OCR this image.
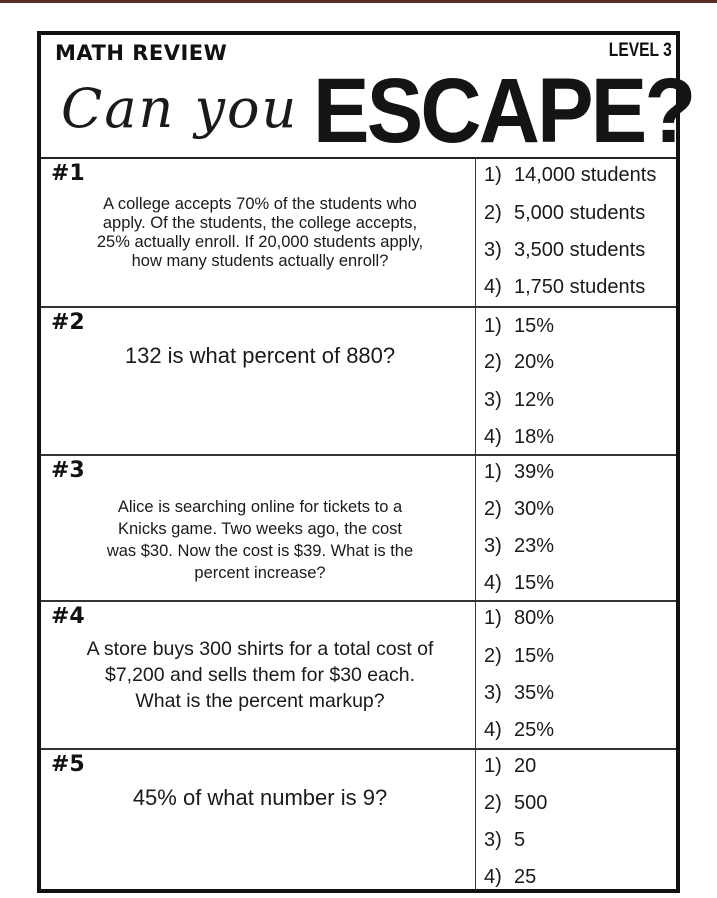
MATH REVIEW	LEVEL 3
Can you ESCAPE?
#1
A college accepts 70% of the students who
apply. Of the students, the college accepts,
25% actually enroll. If 20,000 students apply,
how many students actually enroll?
1) 14,000 students
2) 5,000 students
3) 3,500 students
4) 1,750 students
#2
132 is what percent of 880?
1) 15%
2) 20%
3) 12%
4) 18%
#3
Alice is searching online for tickets to a
Knicks game. Two weeks ago, the cost
was $30. Now the cost is $39. What is the
percent increase?
1) 39%
2) 30%
3) 23%
4) 15%
#4
A store buys 300 shirts for a total cost of
$7,200 and sells them for $30 each.
What is the percent markup?
1) 80%
2) 15%
3) 35%
4) 25%
#5
45% of what number is 9?
1) 20
2) 500
3) 5
4) 25
